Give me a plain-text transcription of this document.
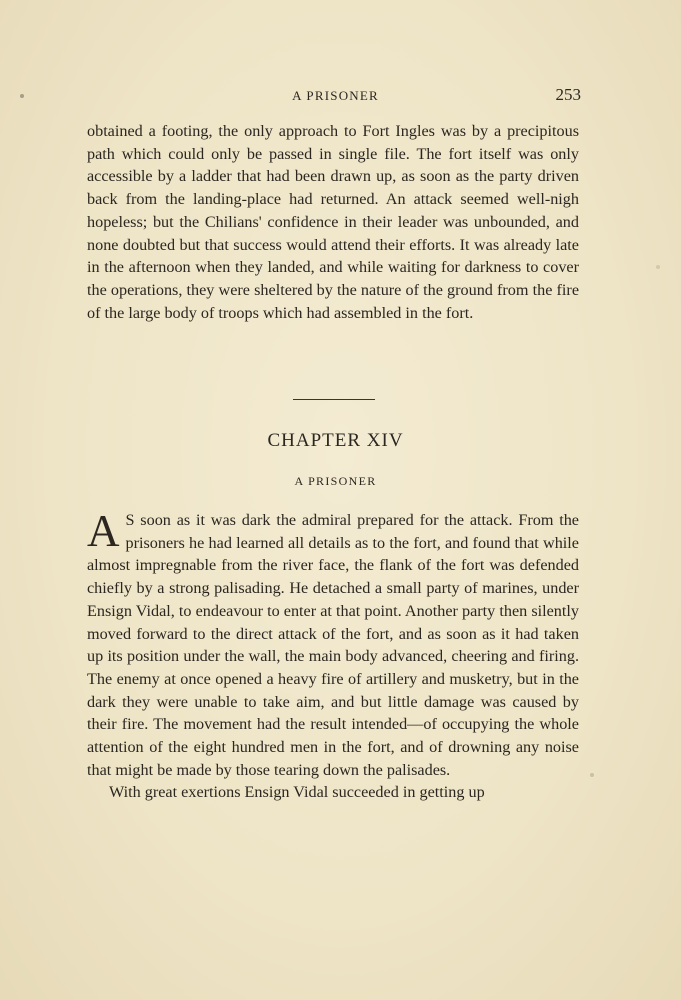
A PRISONER	253

obtained a footing, the only approach to Fort Ingles was by a precipitous path which could only be passed in single file. The fort itself was only accessible by a ladder that had been drawn up, as soon as the party driven back from the landing-place had returned. An attack seemed well-nigh hopeless; but the Chilians' confidence in their leader was unbounded, and none doubted but that success would attend their efforts. It was already late in the afternoon when they landed, and while waiting for darkness to cover the operations, they were sheltered by the nature of the ground from the fire of the large body of troops which had assembled in the fort.

CHAPTER XIV
A PRISONER

A S soon as it was dark the admiral prepared for the attack. From the prisoners he had learned all details as to the fort, and found that while almost impregnable from the river face, the flank of the fort was defended chiefly by a strong palisading. He detached a small party of marines, under Ensign Vidal, to endeavour to enter at that point. Another party then silently moved forward to the direct attack of the fort, and as soon as it had taken up its position under the wall, the main body advanced, cheering and firing. The enemy at once opened a heavy fire of artillery and musketry, but in the dark they were unable to take aim, and but little damage was caused by their fire. The movement had the result intended—of occupying the whole attention of the eight hundred men in the fort, and of drowning any noise that might be made by those tearing down the palisades.

With great exertions Ensign Vidal succeeded in getting up
